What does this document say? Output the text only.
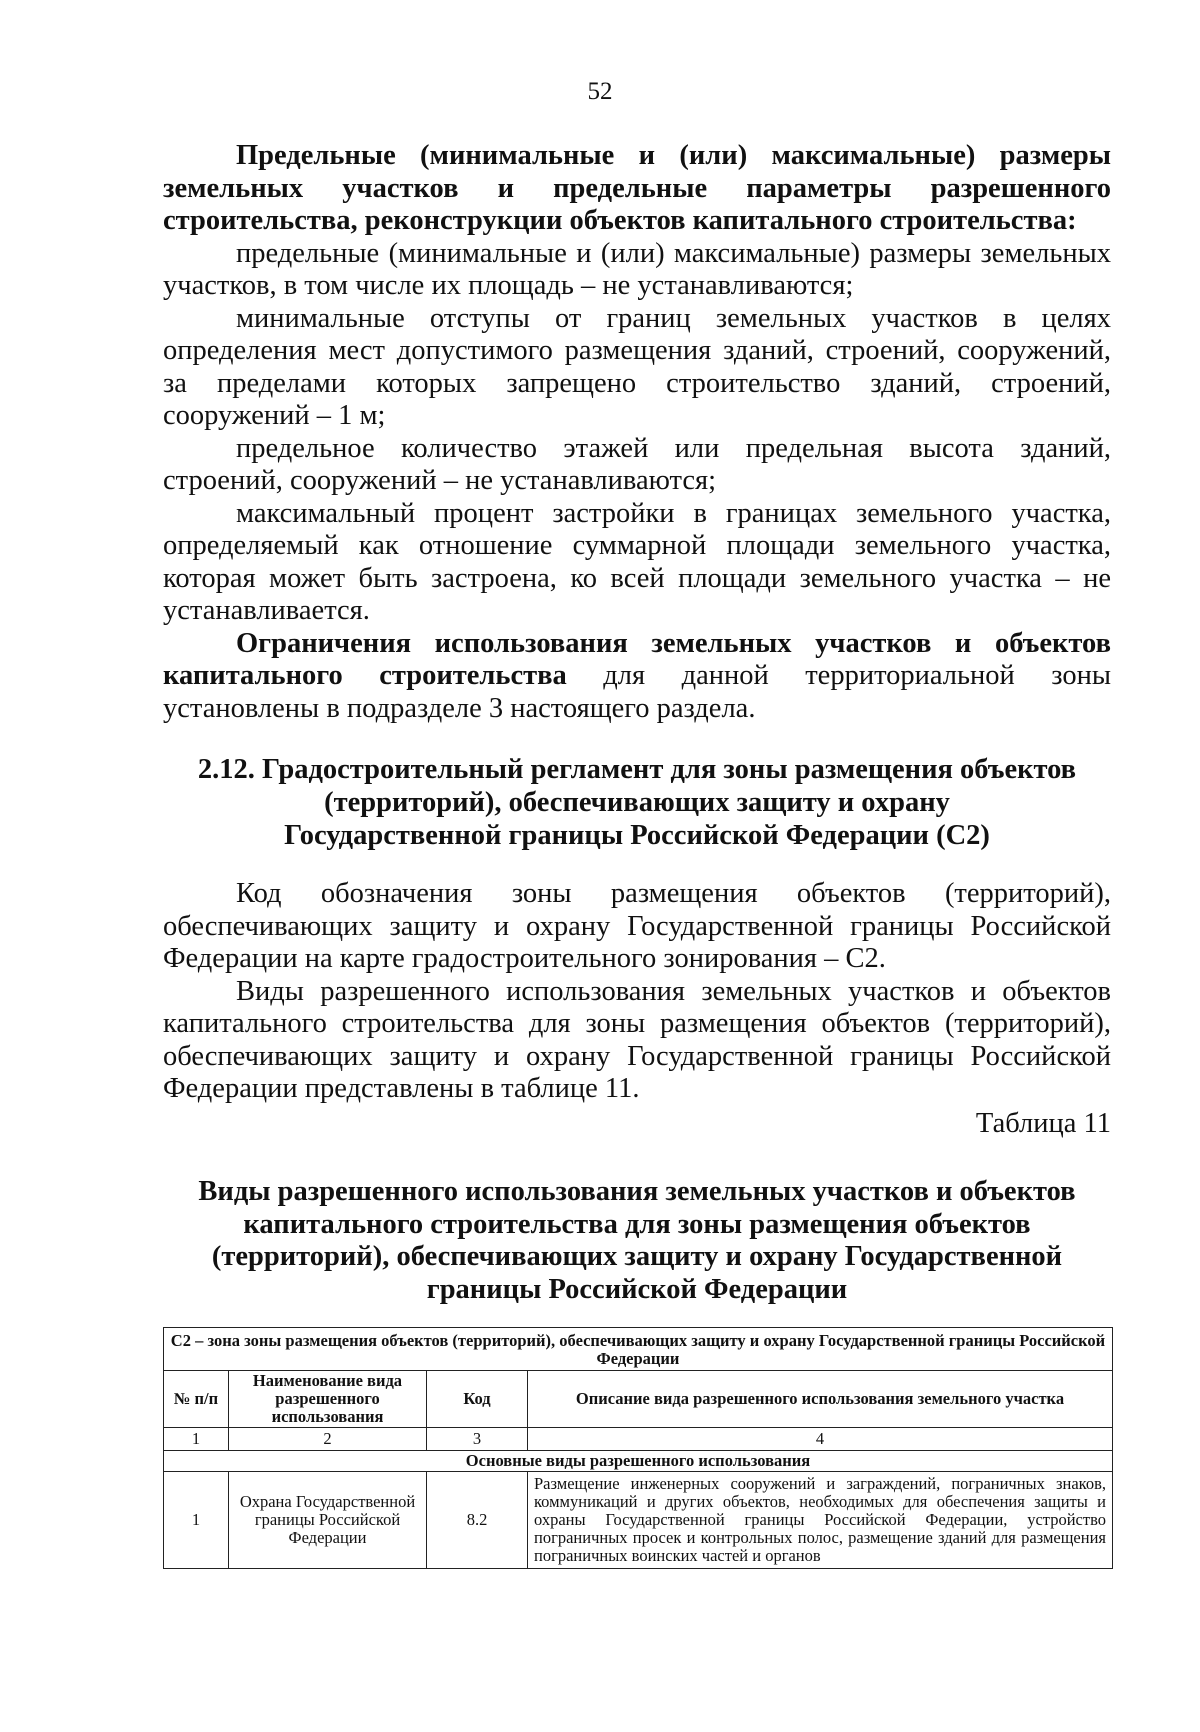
52

Предельные (минимальные и (или) максимальные) размеры земельных участков и предельные параметры разрешенного строительства, реконструкции объектов капитального строительства:

предельные (минимальные и (или) максимальные) размеры земельных участков, в том числе их площадь – не устанавливаются;

минимальные отступы от границ земельных участков в целях определения мест допустимого размещения зданий, строений, сооружений, за пределами которых запрещено строительство зданий, строений, сооружений – 1 м;

предельное количество этажей или предельная высота зданий, строений, сооружений – не устанавливаются;

максимальный процент застройки в границах земельного участка, определяемый как отношение суммарной площади земельного участка, которая может быть застроена, ко всей площади земельного участка – не устанавливается.

Ограничения использования земельных участков и объектов капитального строительства для данной территориальной зоны установлены в подразделе 3 настоящего раздела.

2.12. Градостроительный регламент для зоны размещения объектов
(территорий), обеспечивающих защиту и охрану
Государственной границы Российской Федерации (С2)

Код обозначения зоны размещения объектов (территорий), обеспечивающих защиту и охрану Государственной границы Российской Федерации на карте градостроительного зонирования – С2.

Виды разрешенного использования земельных участков и объектов капитального строительства для зоны размещения объектов (территорий), обеспечивающих защиту и охрану Государственной границы Российской Федерации представлены в таблице 11.

Таблица 11

Виды разрешенного использования земельных участков и объектов
капитального строительства для зоны размещения объектов
(территорий), обеспечивающих защиту и охрану Государственной
границы Российской Федерации

С2 – зона зоны размещения объектов (территорий), обеспечивающих защиту и охрану Государственной границы Российской Федерации			
№ п/п	Наименование вида разрешенного использования	Код	Описание вида разрешенного использования земельного участка
1	2	3	4
Основные виды разрешенного использования			
1	Охрана Государственной границы Российской Федерации	8.2	Размещение инженерных сооружений и заграждений, пограничных знаков, коммуникаций и других объектов, необходимых для обеспечения защиты и охраны Государственной границы Российской Федерации, устройство пограничных просек и контрольных полос, размещение зданий для размещения пограничных воинских частей и органов
